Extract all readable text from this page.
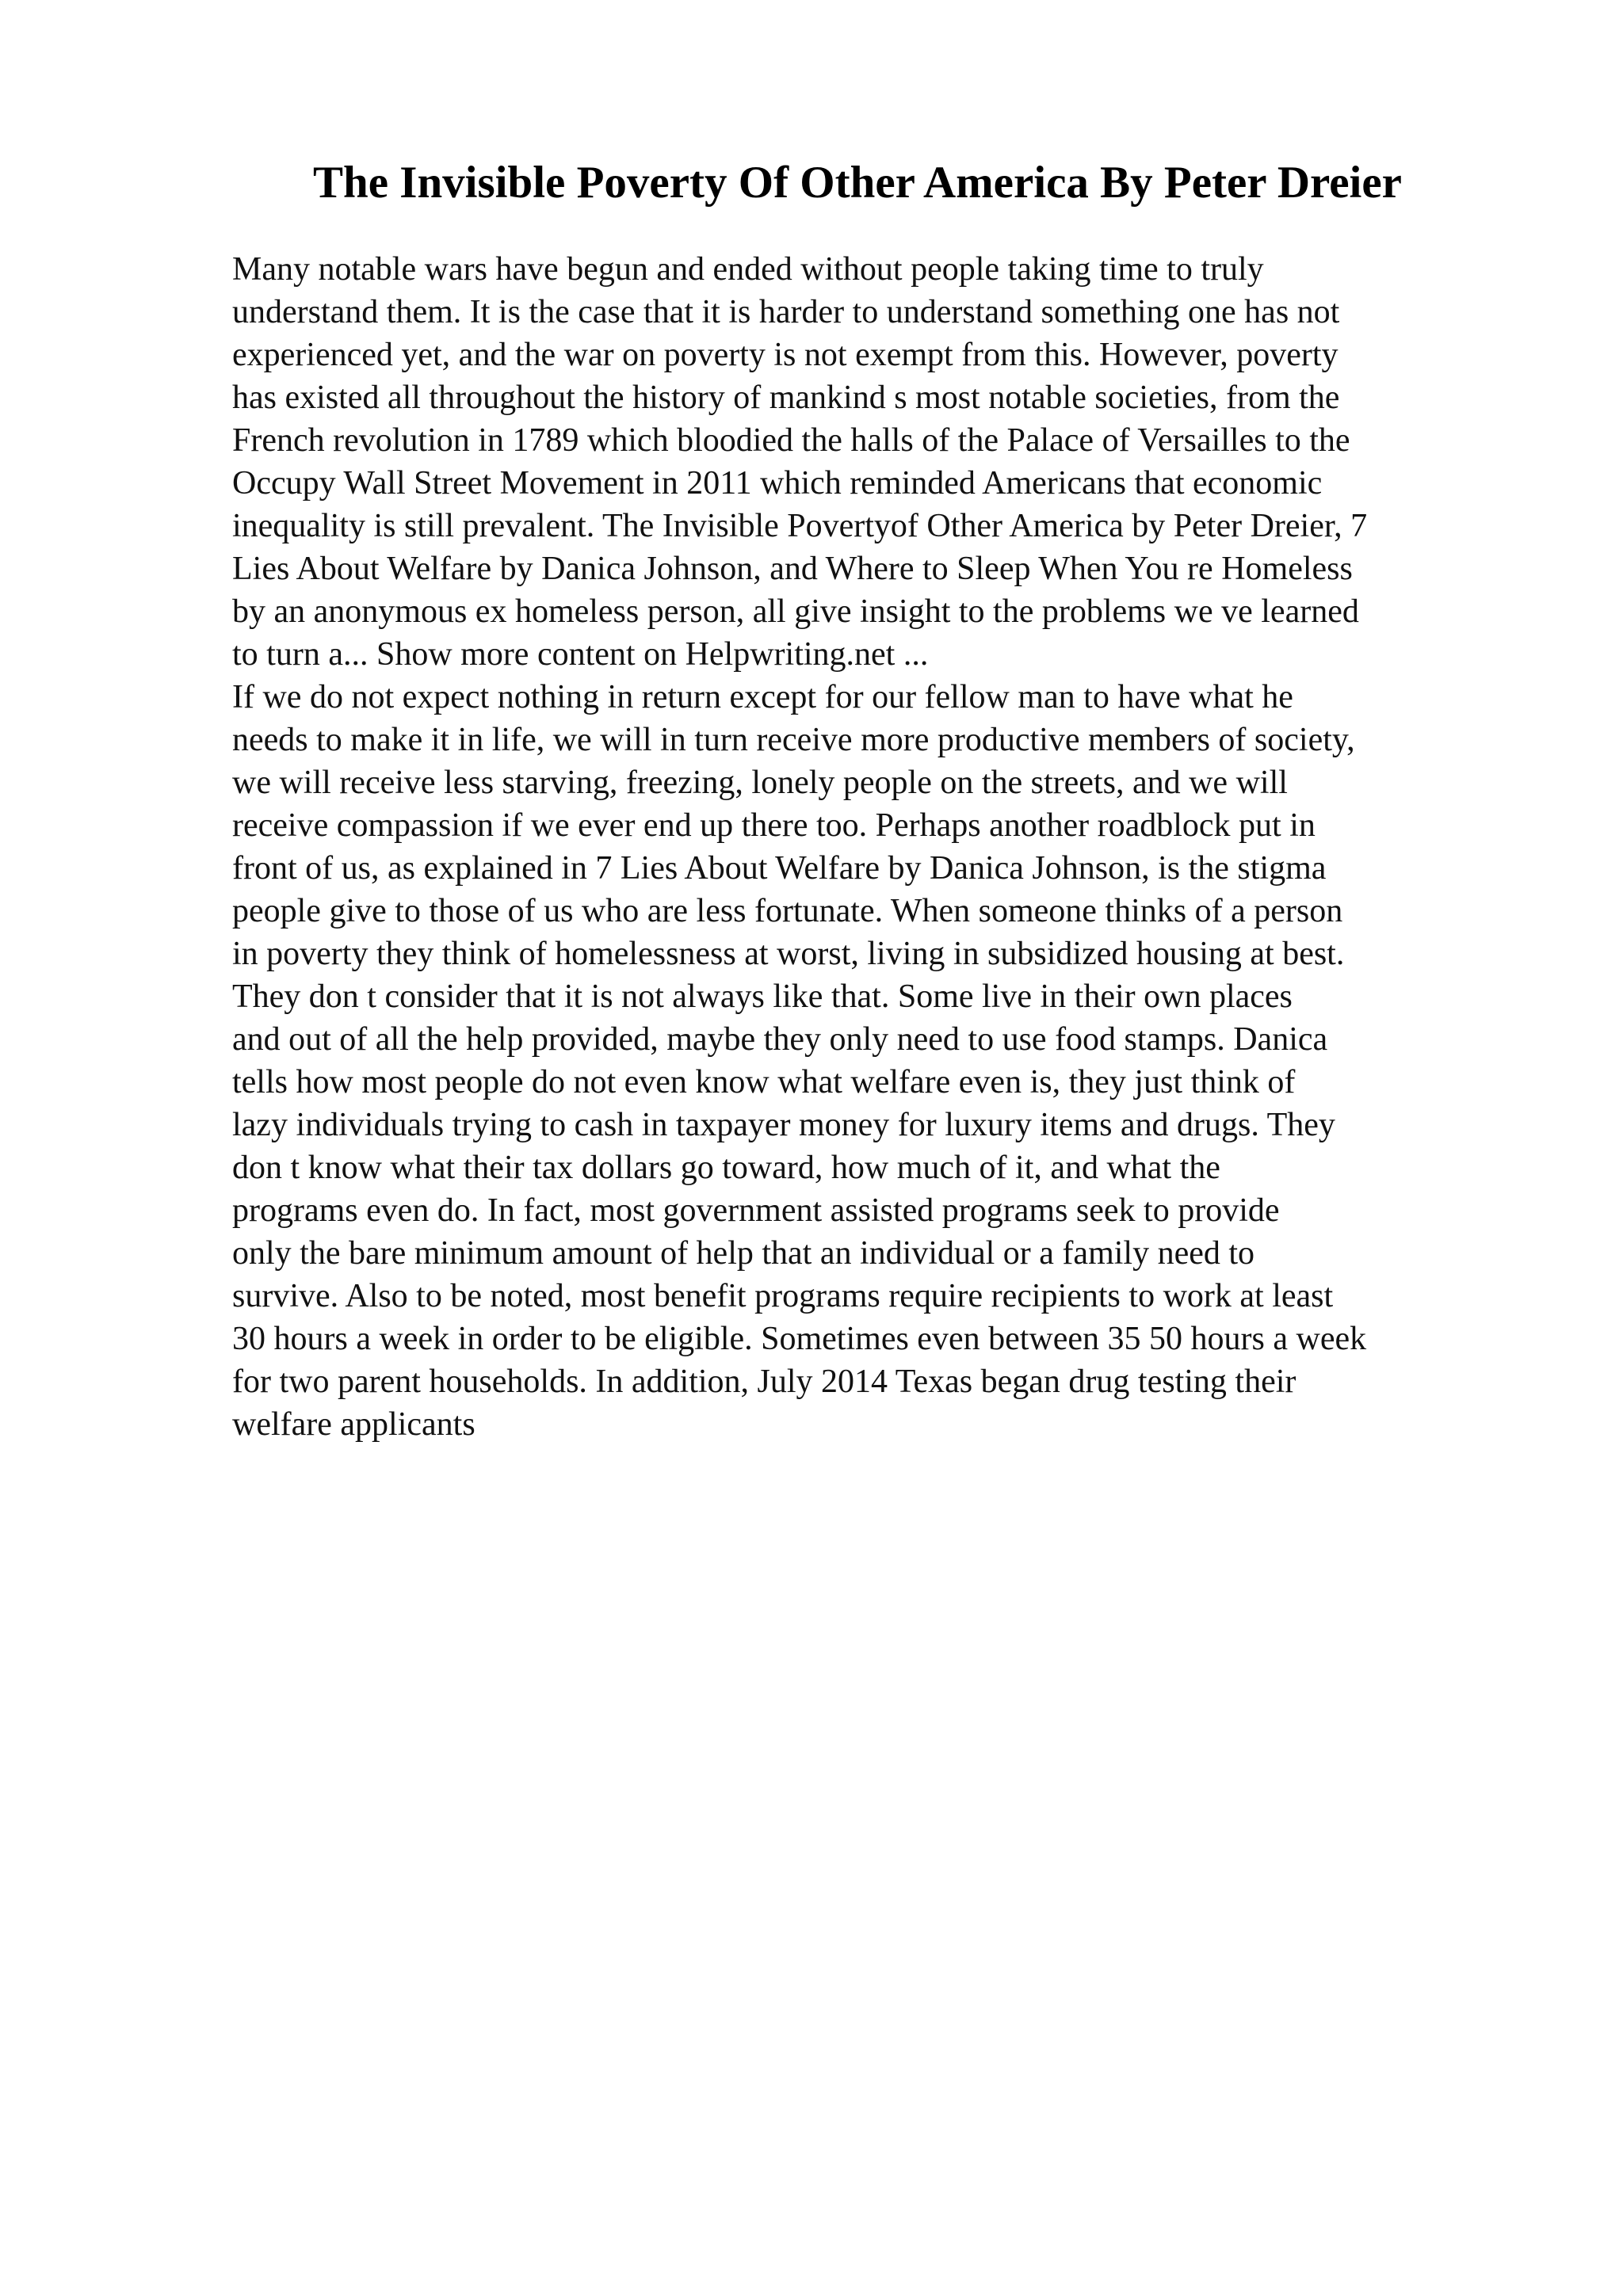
The Invisible Poverty Of Other America By Peter Dreier
Many notable wars have begun and ended without people taking time to truly
understand them. It is the case that it is harder to understand something one has not
experienced yet, and the war on poverty is not exempt from this. However, poverty
has existed all throughout the history of mankind s most notable societies, from the
French revolution in 1789 which bloodied the halls of the Palace of Versailles to the
Occupy Wall Street Movement in 2011 which reminded Americans that economic
inequality is still prevalent. The Invisible Povertyof Other America by Peter Dreier, 7
Lies About Welfare by Danica Johnson, and Where to Sleep When You re Homeless
by an anonymous ex homeless person, all give insight to the problems we ve learned
to turn a... Show more content on Helpwriting.net ...
If we do not expect nothing in return except for our fellow man to have what he
needs to make it in life, we will in turn receive more productive members of society,
we will receive less starving, freezing, lonely people on the streets, and we will
receive compassion if we ever end up there too. Perhaps another roadblock put in
front of us, as explained in 7 Lies About Welfare by Danica Johnson, is the stigma
people give to those of us who are less fortunate. When someone thinks of a person
in poverty they think of homelessness at worst, living in subsidized housing at best.
They don t consider that it is not always like that. Some live in their own places
and out of all the help provided, maybe they only need to use food stamps. Danica
tells how most people do not even know what welfare even is, they just think of
lazy individuals trying to cash in taxpayer money for luxury items and drugs. They
don t know what their tax dollars go toward, how much of it, and what the
programs even do. In fact, most government assisted programs seek to provide
only the bare minimum amount of help that an individual or a family need to
survive. Also to be noted, most benefit programs require recipients to work at least
30 hours a week in order to be eligible. Sometimes even between 35 50 hours a week
for two parent households. In addition, July 2014 Texas began drug testing their
welfare applicants
